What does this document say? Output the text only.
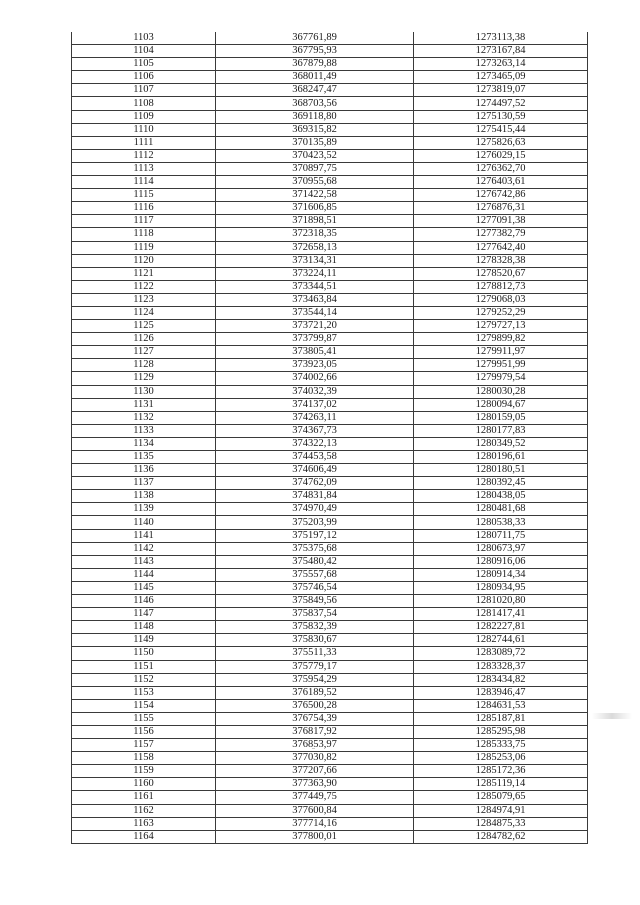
1103	367761,89	1273113,38
1104	367795,93	1273167,84
1105	367879,88	1273263,14
1106	368011,49	1273465,09
1107	368247,47	1273819,07
1108	368703,56	1274497,52
1109	369118,80	1275130,59
1110	369315,82	1275415,44
1111	370135,89	1275826,63
1112	370423,52	1276029,15
1113	370897,75	1276362,70
1114	370955,68	1276403,61
1115	371422,58	1276742,86
1116	371606,85	1276876,31
1117	371898,51	1277091,38
1118	372318,35	1277382,79
1119	372658,13	1277642,40
1120	373134,31	1278328,38
1121	373224,11	1278520,67
1122	373344,51	1278812,73
1123	373463,84	1279068,03
1124	373544,14	1279252,29
1125	373721,20	1279727,13
1126	373799,87	1279899,82
1127	373805,41	1279911,97
1128	373923,05	1279951,99
1129	374002,66	1279979,54
1130	374032,39	1280030,28
1131	374137,02	1280094,67
1132	374263,11	1280159,05
1133	374367,73	1280177,83
1134	374322,13	1280349,52
1135	374453,58	1280196,61
1136	374606,49	1280180,51
1137	374762,09	1280392,45
1138	374831,84	1280438,05
1139	374970,49	1280481,68
1140	375203,99	1280538,33
1141	375197,12	1280711,75
1142	375375,68	1280673,97
1143	375480,42	1280916,06
1144	375557,68	1280914,34
1145	375746,54	1280934,95
1146	375849,56	1281020,80
1147	375837,54	1281417,41
1148	375832,39	1282227,81
1149	375830,67	1282744,61
1150	375511,33	1283089,72
1151	375779,17	1283328,37
1152	375954,29	1283434,82
1153	376189,52	1283946,47
1154	376500,28	1284631,53
1155	376754,39	1285187,81
1156	376817,92	1285295,98
1157	376853,97	1285333,75
1158	377030,82	1285253,06
1159	377207,66	1285172,36
1160	377363,90	1285119,14
1161	377449,75	1285079,65
1162	377600,84	1284974,91
1163	377714,16	1284875,33
1164	377800,01	1284782,62
